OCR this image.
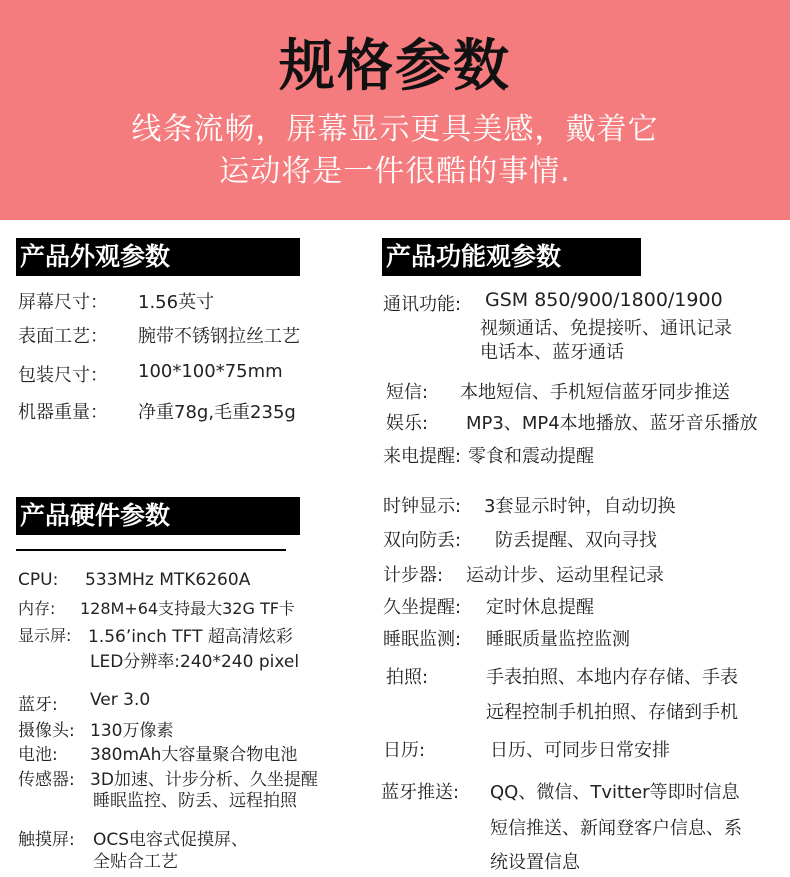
规格参数
线条流畅，屏幕显示更具美感，戴着它
运动将是一件很酷的事情.
产品外观参数
屏幕尺寸： 1.56英寸
表面工艺： 腕带不锈钢拉丝工艺
包装尺寸： 100*100*75mm
机器重量： 净重78g,毛重235g
产品硬件参数
CPU: 533MHz MTK6260A
内存: 128M+64支持最大32G TF卡
显示屏: 1.56’inch TFT 超高清炫彩
LED分辨率:240*240 pixel
蓝牙: Ver 3.0
摄像头: 130万像素
电池: 380mAh大容量聚合物电池
传感器: 3D加速、计步分析、久坐提醒
睡眠监控、防丢、远程拍照
触摸屏: OCS电容式促摸屏、
全贴合工艺
产品功能观参数
通讯功能: GSM 850/900/1800/1900
视频通话、免提接听、通讯记录
电话本、蓝牙通话
短信: 本地短信、手机短信蓝牙同步推送
娱乐: MP3、MP4本地播放、蓝牙音乐播放
来电提醒: 零食和震动提醒
时钟显示: 3套显示时钟，自动切换
双向防丢: 防丢提醒、双向寻找
计步器: 运动计步、运动里程记录
久坐提醒: 定时休息提醒
睡眠监测: 睡眠质量监控监测
拍照:	手表拍照、本地内存存储、手表
远程控制手机拍照、存储到手机
日历:	日历、可同步日常安排
蓝牙推送: QQ、微信、Tvitter等即时信息
短信推送、新闻登客户信息、系
统设置信息
